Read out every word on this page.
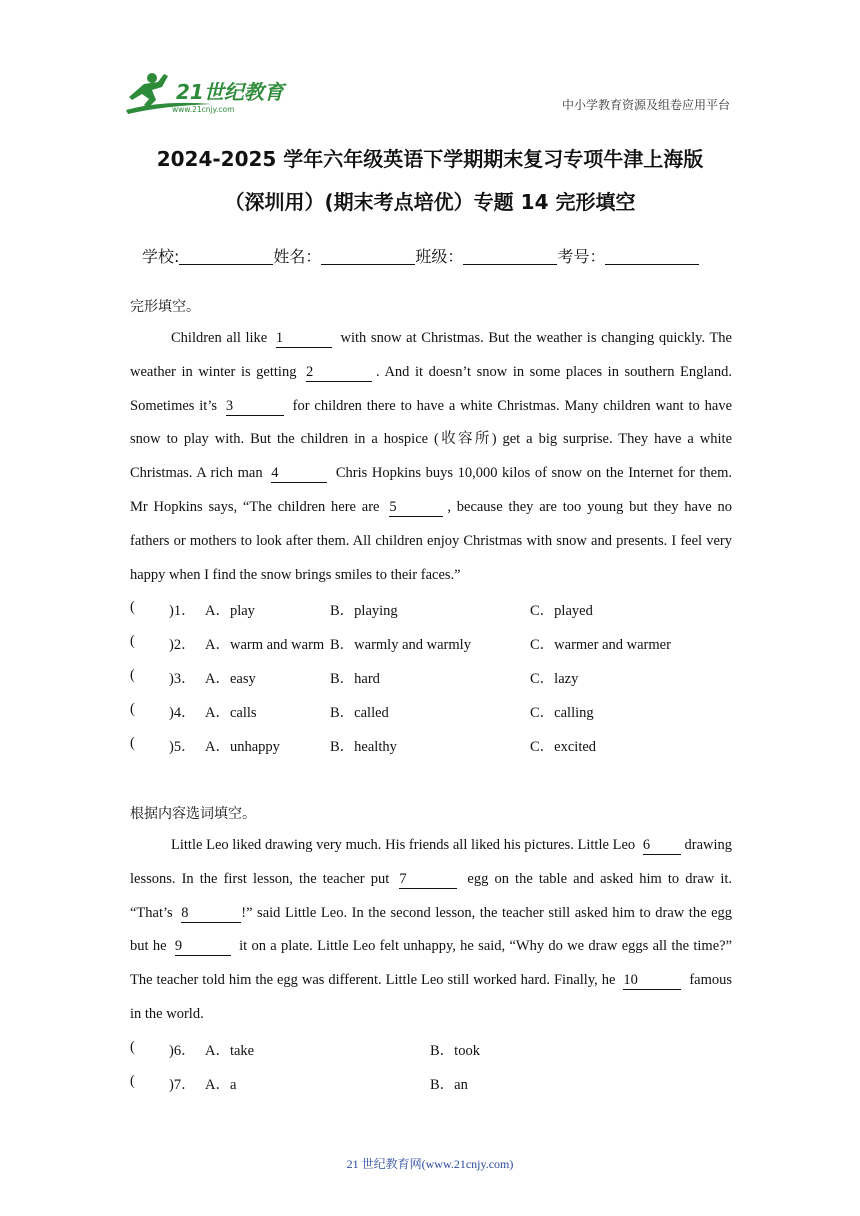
21世纪教育
www.21cnjy.com	中小学教育资源及组卷应用平台
2024-2025 学年六年级英语下学期期末复习专项牛津上海版
（深圳用）(期末考点培优）专题 14 完形填空
学校:	姓名：	班级：	考号：
完形填空。
Children all like 1	with snow at Christmas. But the weather is changing quickly. The weather in winter is getting 2	. And it doesn’t snow in some places in southern England. Sometimes it’s 3	for children there to have a white Christmas. Many children want to have snow to play with. But the children in a hospice (收容所) get a big surprise. They have a white Christmas. A rich man 4	Chris Hopkins buys 10,000 kilos of snow on the Internet for them. Mr Hopkins says, “The children here are 5	, because they are too young but they have no fathers or mothers to look after them. All children enjoy Christmas with snow and presents. I feel very happy when I find the snow brings smiles to their faces.”
( )1． A．play	B．playing	C．played
( )2． A．warm and warm B．warmly and warmly	C．warmer and warmer
( )3． A．easy	B．hard	C．lazy
( )4． A．calls	B．called	C．calling
( )5． A．unhappy	B．healthy	C．excited
根据内容选词填空。
Little Leo liked drawing very much. His friends all liked his pictures. Little Leo 6 drawing lessons. In the first lesson, the teacher put 7	egg on the table and asked him to draw it. “That’s 8	!” said Little Leo. In the second lesson, the teacher still asked him to draw the egg but he 9	it on a plate. Little Leo felt unhappy, he said, “Why do we draw eggs all the time?” The teacher told him the egg was different. Little Leo still worked hard. Finally, he 10	famous in the world.
( )6． A．take	B．took
( )7． A．a	B．an
21 世纪教育网(www.21cnjy.com)
